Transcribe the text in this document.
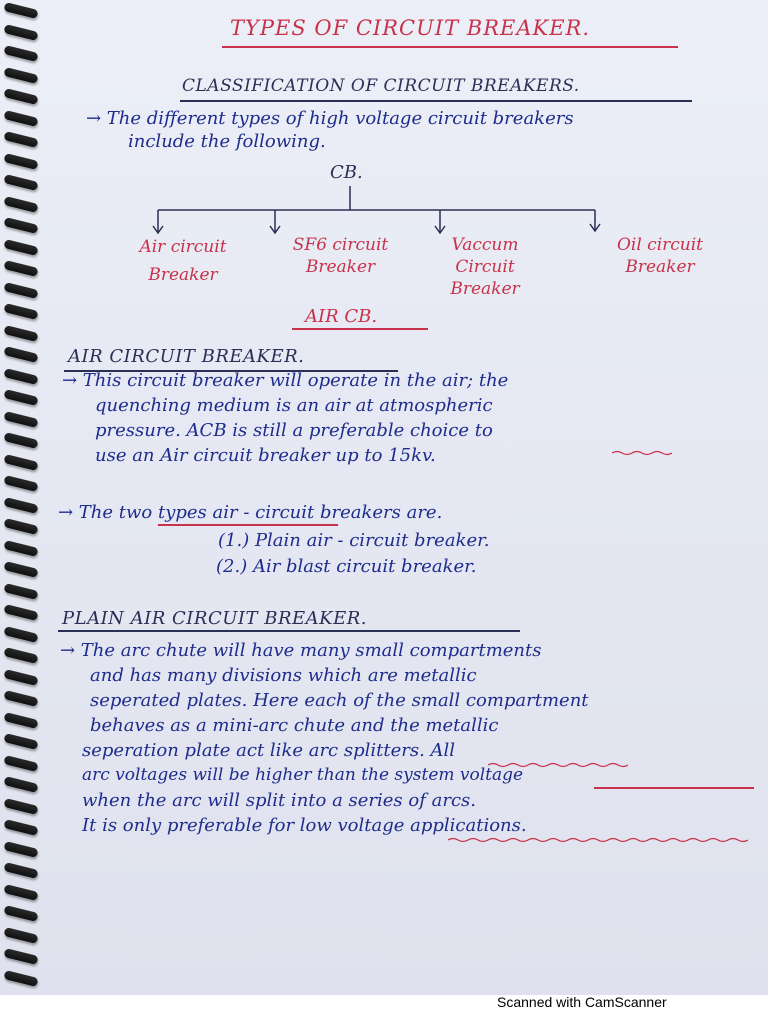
TYPES OF CIRCUIT BREAKER.
CLASSIFICATION OF CIRCUIT BREAKERS.
→ The different types of high voltage circuit breakers
include the following.
CB.
Air circuit
Breaker
SF6 circuit
Breaker
Vaccum
Circuit
Breaker
Oil circuit
Breaker
AIR CB.
AIR CIRCUIT BREAKER.
→ This circuit breaker will operate in the air; the
quenching medium is an air at atmospheric
pressure. ACB is still a preferable choice to
use an Air circuit breaker up to 15kv.
→ The two types air - circuit breakers are.
(1.) Plain air - circuit breaker.
(2.) Air blast circuit breaker.
PLAIN AIR CIRCUIT BREAKER.
→ The arc chute will have many small compartments
and has many divisions which are metallic
seperated plates. Here each of the small compartment
behaves as a mini-arc chute and the metallic
seperation plate act like arc splitters. All
arc voltages will be higher than the system voltage
when the arc will split into a series of arcs.
It is only preferable for low voltage applications.
Scanned with CamScanner
